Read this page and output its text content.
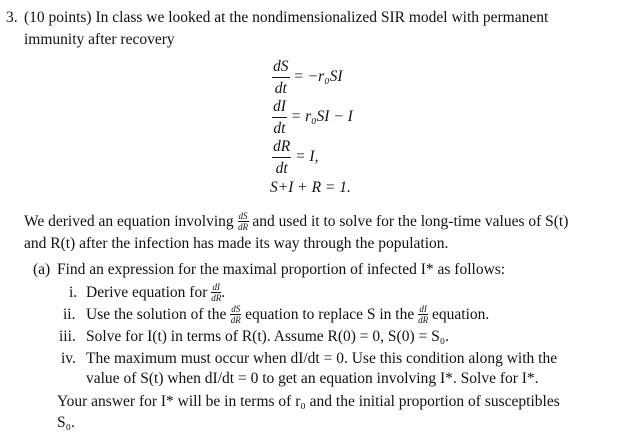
3. (10 points) In class we looked at the nondimensionalized SIR model with permanent
immunity after recovery
$\frac{dS}{dt} = -r_0SI$
$\frac{dI}{dt} = r_0SI - I$
$\frac{dR}{dt} = I$,
S+I + R = 1.
We derived an equation involving $\frac{dS}{dR}$ and used it to solve for the long-time values of S(t)
and R(t) after the infection has made its way through the population.
(a) Find an expression for the maximal proportion of infected I* as follows:
i. Derive equation for $\frac{dI}{dR}$ .
ii. Use the solution of the $\frac{dS}{dR}$ equation to replace S in the $\frac{dI}{dR}$ equation.
iii. Solve for I(t) in terms of R(t). Assume R(0) = 0, S(0) = S₀.
iv. The maximum must occur when dI/dt = 0. Use this condition along with the
value of S(t) when dI/dt = 0 to get an equation involving I*. Solve for I*.
Your answer for I* will be in terms of r₀ and the initial proportion of susceptibles
S₀.
